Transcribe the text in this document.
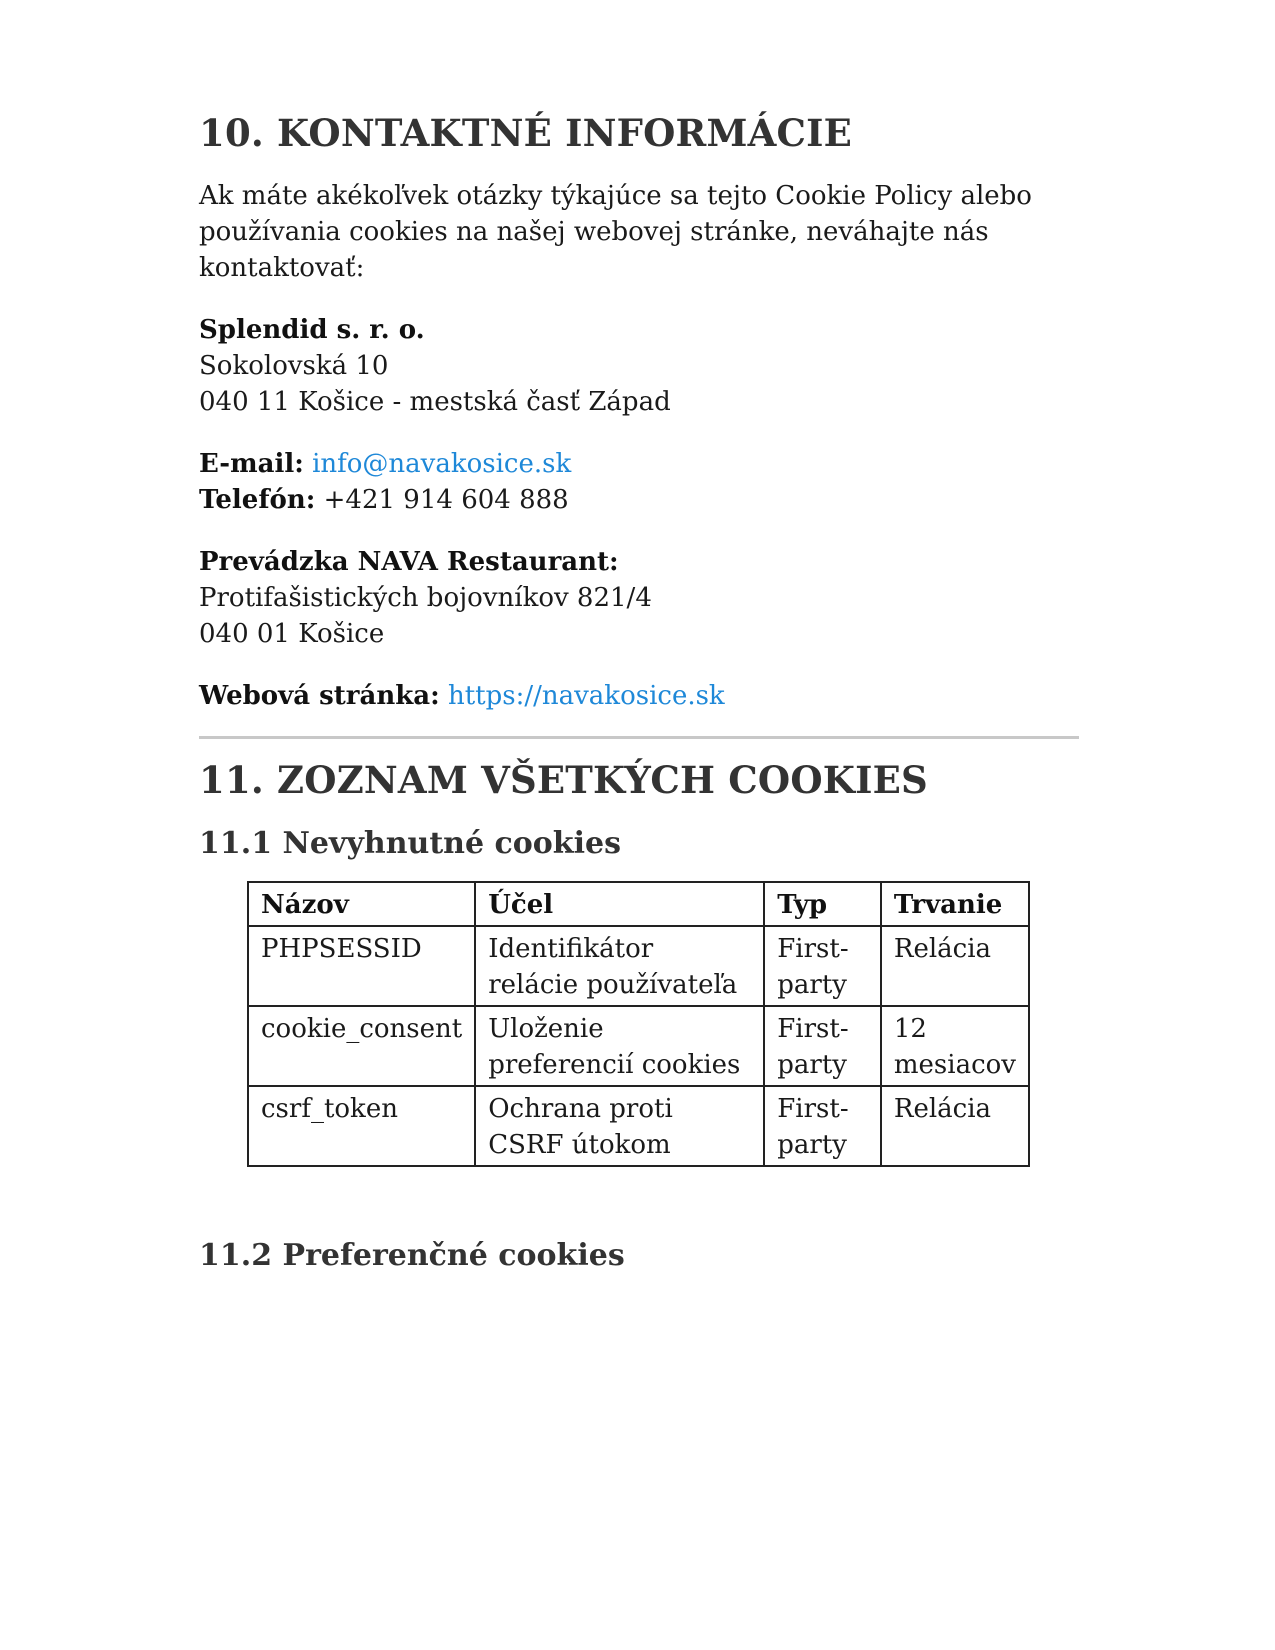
10. KONTAKTNÉ INFORMÁCIE

Ak máte akékoľvek otázky týkajúce sa tejto Cookie Policy alebo používania cookies na našej webovej stránke, neváhajte nás kontaktovať:

Splendid s. r. o.
Sokolovská 10
040 11 Košice - mestská časť Západ

E-mail: info@navakosice.sk
Telefón: +421 914 604 888

Prevádzka NAVA Restaurant:
Protifašistických bojovníkov 821/4
040 01 Košice

Webová stránka: https://navakosice.sk

11. ZOZNAM VŠETKÝCH COOKIES
11.1 Nevyhnutné cookies
Názov	Účel	Typ	Trvanie
PHPSESSID	Identifikátor relácie používateľa	First-party	Relácia
cookie_consent	Uloženie preferencií cookies	First-party	12 mesiacov
csrf_token	Ochrana proti CSRF útokom	First-party	Relácia
11.2 Preferenčné cookies
